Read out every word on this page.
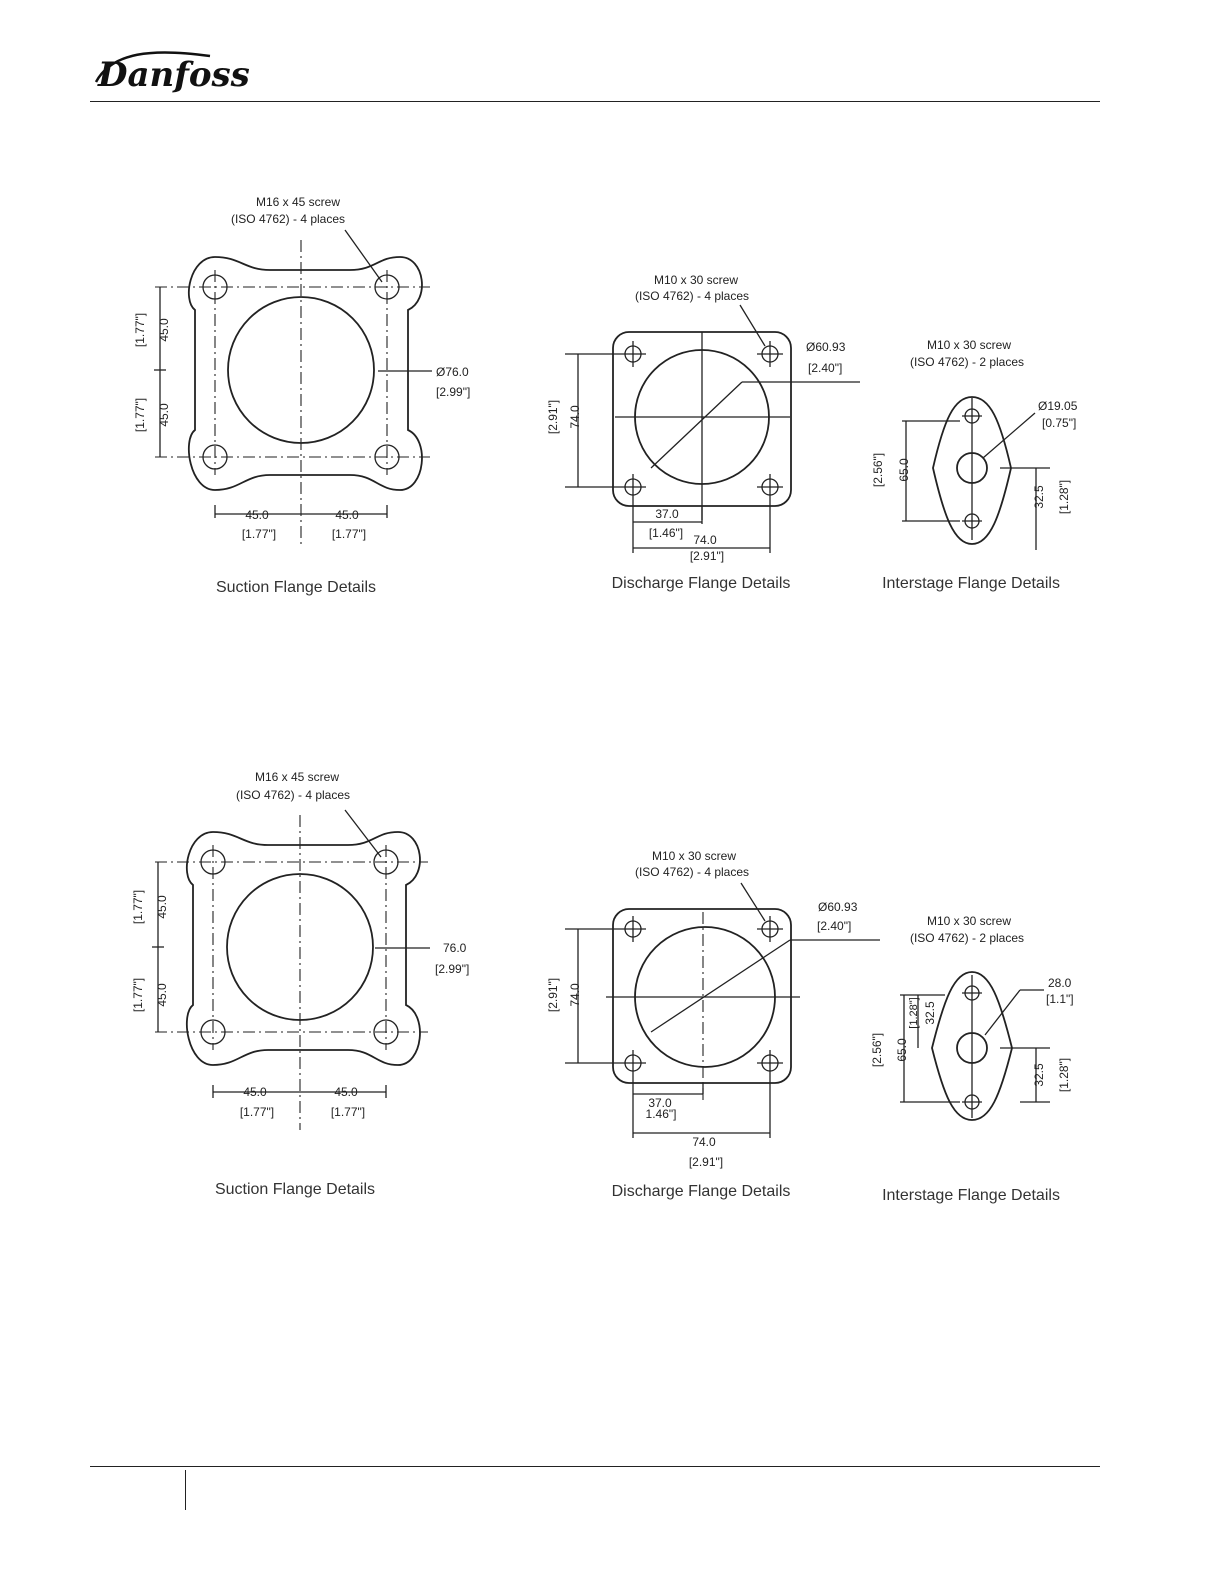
Danfoss
M16 x 45 screw
(ISO 4762) - 4 places
Ø76.0
[2.99"]
45.0
[1.77"]
45.0
[1.77"]
45.0
[1.77"]
45.0
[1.77"]
Suction Flange Details
M10 x 30 screw
(ISO 4762) - 4 places
Ø60.93
[2.40"]
74.0
[2.91"]
37.0
[1.46"] 74.0
[2.91"]
Discharge Flange Details
M10 x 30 screw
(ISO 4762) - 2 places
Ø19.05
[0.75"]
65.0
[2.56"]
32.5 [1.28"]
Interstage Flange Details
M16 x 45 screw
(ISO 4762) - 4 places
76.0
[2.99"]
45.0
[1.77"]
45.0
[1.77"]
45.0
[1.77"]
45.0
[1.77"]
Suction Flange Details
M10 x 30 screw
(ISO 4762) - 4 places
Ø60.93
[2.40"]
74.0
[2.91"]
37.0
1.46"]
74.0
[2.91"]
Discharge Flange Details
M10 x 30 screw
(ISO 4762) - 2 places
28.0
[1.1"]
65.0
[2.56"]
32.5
[1.28"]
32.5 [1.28"]
Interstage Flange Details
